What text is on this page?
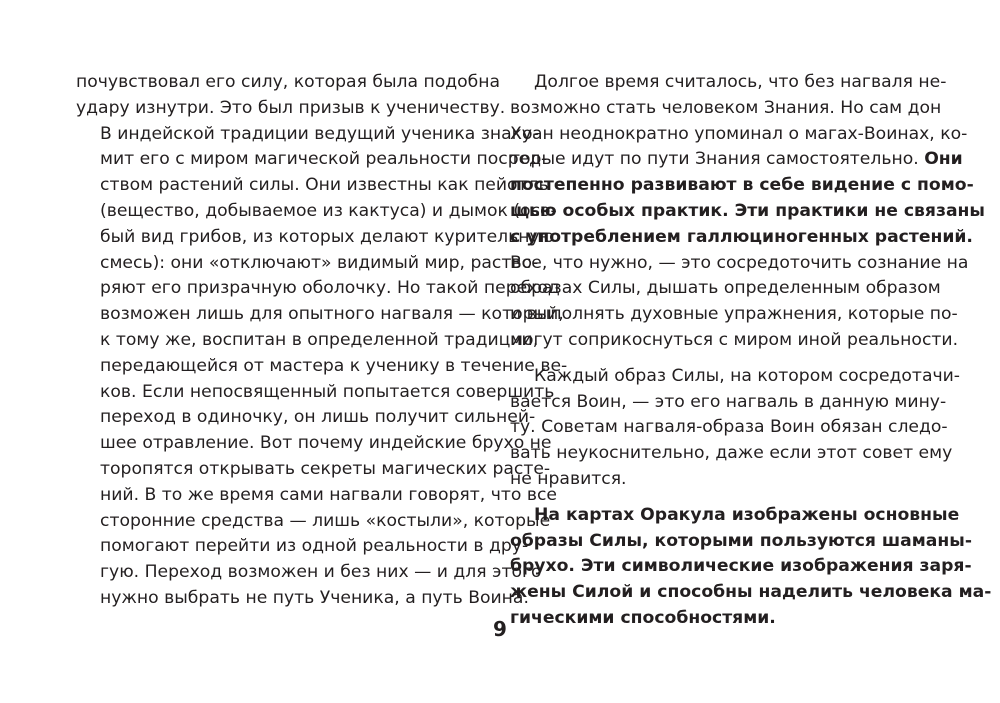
почувствовал его силу, которая была подобна
удару изнутри. Это был призыв к ученичеству.

В индейской традиции ведущий ученика знако-
мит его с миром магической реальности посред-
ством растений силы. Они известны как пейотль
(вещество, добываемое из кактуса) и дымок (осо-
бый вид грибов, из которых делают курительную
смесь): они «отключают» видимый мир, раство-
ряют его призрачную оболочку. Но такой переход
возможен лишь для опытного нагваля — который,
к тому же, воспитан в определенной традиции,
передающейся от мастера к ученику в течение ве-
ков. Если непосвященный попытается совершить
переход в одиночку, он лишь получит сильней-
шее отравление. Вот почему индейские брухо не
торопятся открывать секреты магических расте-
ний. В то же время сами нагвали говорят, что все
сторонние средства — лишь «костыли», которые
помогают перейти из одной реальности в дру-
гую. Переход возможен и без них — и для этого
нужно выбрать не путь Ученика, а путь Воина.

Долгое время считалось, что без нагваля не-
возможно стать человеком Знания. Но сам дон
Хуан неоднократно упоминал о магах-Воинах, ко-
торые идут по пути Знания самостоятельно. Они
постепенно развивают в себе видение с помо-
щью особых практик. Эти практики не связаны
с употреблением галлюциногенных растений.
Все, что нужно, — это сосредоточить сознание на
образах Силы, дышать определенным образом
и выполнять духовные упражнения, которые по-
могут соприкоснуться с миром иной реальности.

Каждый образ Силы, на котором сосредотачи-
вается Воин, — это его нагваль в данную мину-
ту. Советам нагваля-образа Воин обязан следо-
вать неукоснительно, даже если этот совет ему
не нравится.

На картах Оракула изображены основные
образы Силы, которыми пользуются шаманы-
брухо. Эти символические изображения заря-
жены Силой и способны наделить человека ма-
гическими способностями.

9
